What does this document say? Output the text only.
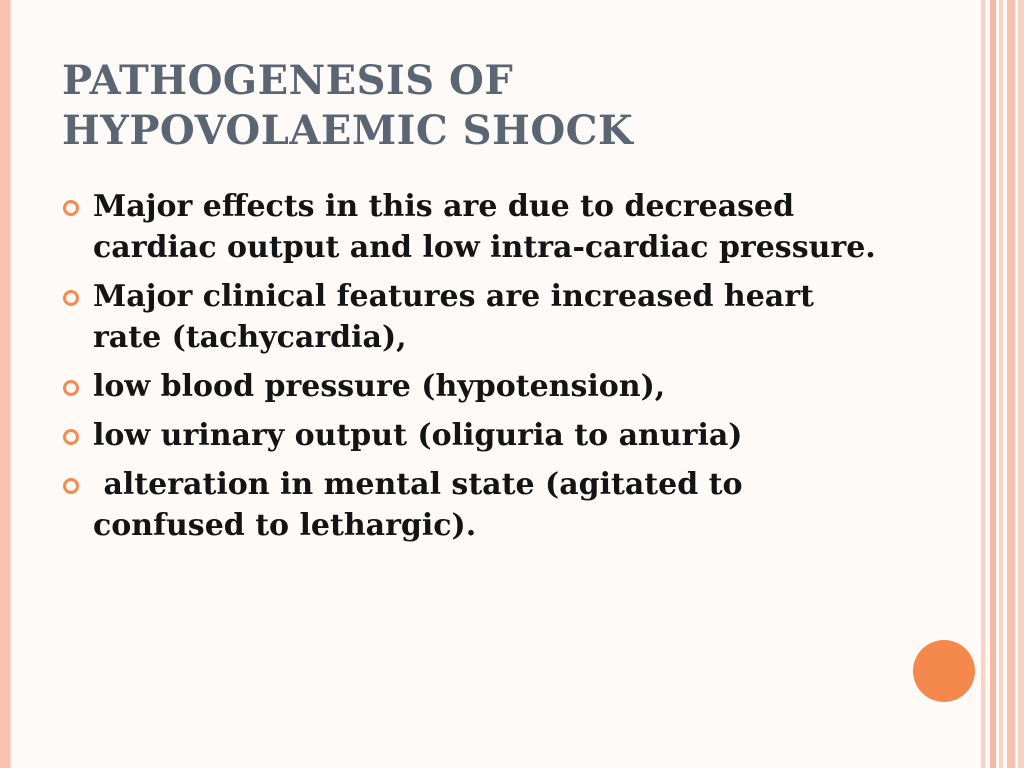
PATHOGENESIS OF
HYPOVOLAEMIC SHOCK
Major effects in this are due to decreased cardiac output and low intra-cardiac pressure.
Major clinical features are increased heart rate (tachycardia),
low blood pressure (hypotension),
low urinary output (oliguria to anuria)
alteration in mental state (agitated to confused to lethargic).
